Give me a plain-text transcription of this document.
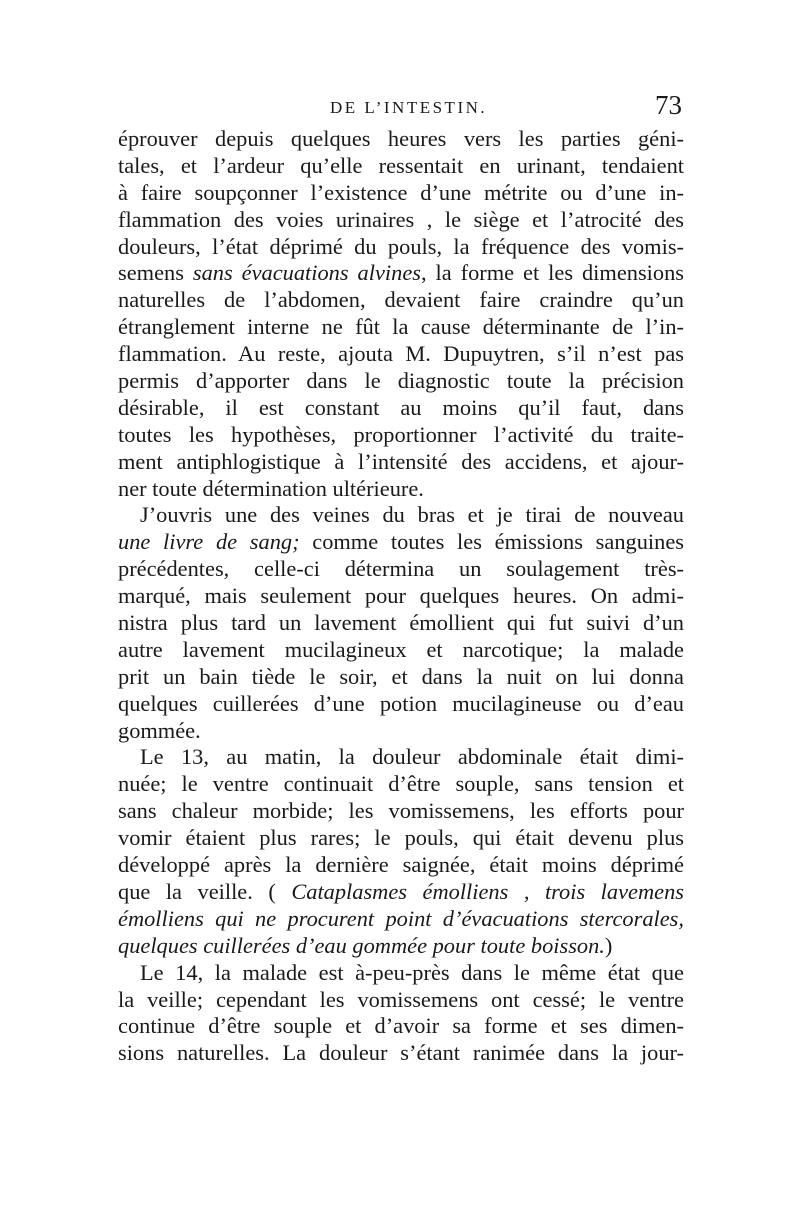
DE L’INTESTIN.	73
éprouver depuis quelques heures vers les parties géni-
tales, et l’ardeur qu’elle ressentait en urinant, tendaient
à faire soupçonner l’existence d’une métrite ou d’une in-
flammation des voies urinaires , le siège et l’atrocité des
douleurs, l’état déprimé du pouls, la fréquence des vomis-
semens sans évacuations alvines, la forme et les dimensions
naturelles de l’abdomen, devaient faire craindre qu’un
étranglement interne ne fût la cause déterminante de l’in-
flammation. Au reste, ajouta M. Dupuytren, s’il n’est pas
permis d’apporter dans le diagnostic toute la précision
désirable, il est constant au moins qu’il faut, dans
toutes les hypothèses, proportionner l’activité du traite-
ment antiphlogistique à l’intensité des accidens, et ajour-
ner toute détermination ultérieure.
J’ouvris une des veines du bras et je tirai de nouveau
une livre de sang; comme toutes les émissions sanguines
précédentes, celle-ci détermina un soulagement très-
marqué, mais seulement pour quelques heures. On admi-
nistra plus tard un lavement émollient qui fut suivi d’un
autre lavement mucilagineux et narcotique; la malade
prit un bain tiède le soir, et dans la nuit on lui donna
quelques cuillerées d’une potion mucilagineuse ou d’eau
gommée.
Le 13, au matin, la douleur abdominale était dimi-
nuée; le ventre continuait d’être souple, sans tension et
sans chaleur morbide; les vomissemens, les efforts pour
vomir étaient plus rares; le pouls, qui était devenu plus
développé après la dernière saignée, était moins déprimé
que la veille. ( Cataplasmes émolliens , trois lavemens
émolliens qui ne procurent point d’évacuations stercorales,
quelques cuillerées d’eau gommée pour toute boisson.)
Le 14, la malade est à-peu-près dans le même état que
la veille; cependant les vomissemens ont cessé; le ventre
continue d’être souple et d’avoir sa forme et ses dimen-
sions naturelles. La douleur s’étant ranimée dans la jour-
